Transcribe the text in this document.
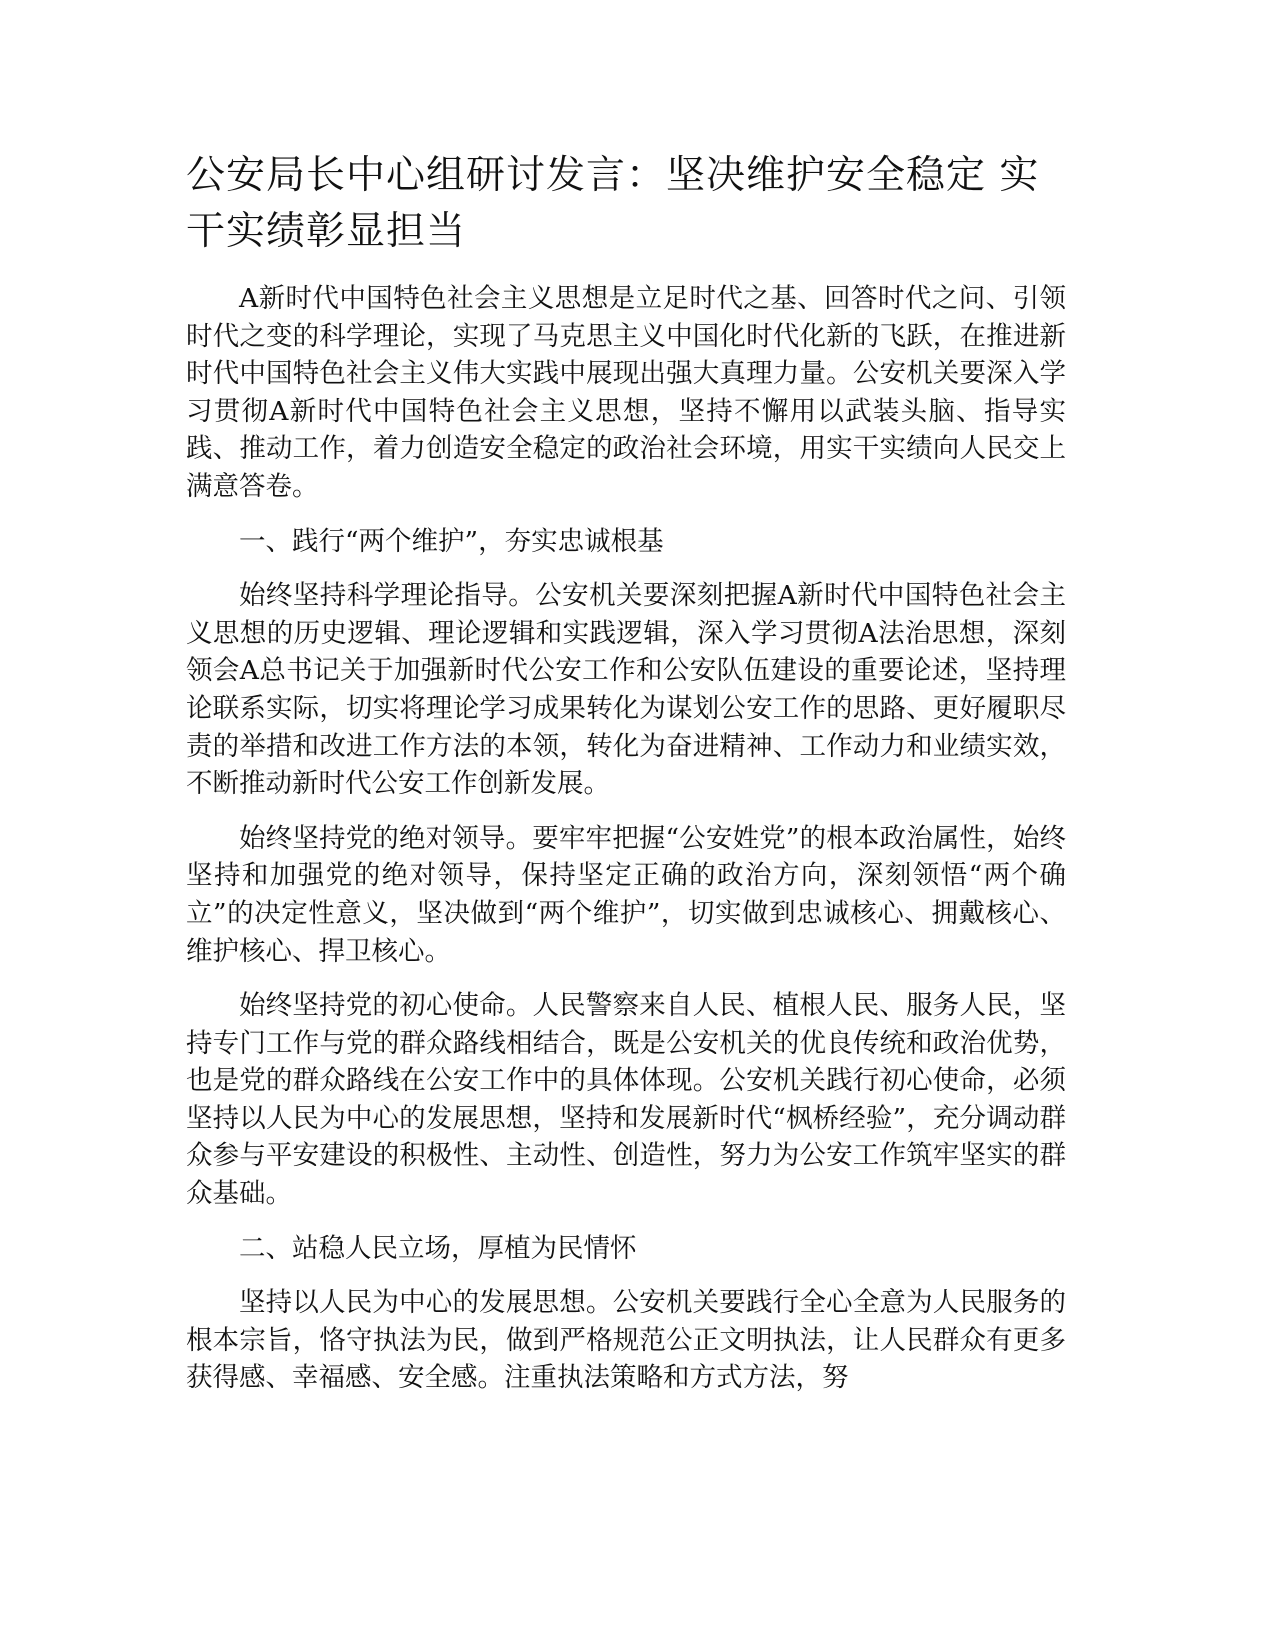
公安局长中心组研讨发言：坚决维护安全稳定 实干实绩彰显担当

A新时代中国特色社会主义思想是立足时代之基、回答时代之问、引领时代之变的科学理论，实现了马克思主义中国化时代化新的飞跃，在推进新时代中国特色社会主义伟大实践中展现出强大真理力量。公安机关要深入学习贯彻A新时代中国特色社会主义思想，坚持不懈用以武装头脑、指导实践、推动工作，着力创造安全稳定的政治社会环境，用实干实绩向人民交上满意答卷。

一、践行“两个维护”，夯实忠诚根基

始终坚持科学理论指导。公安机关要深刻把握A新时代中国特色社会主义思想的历史逻辑、理论逻辑和实践逻辑，深入学习贯彻A法治思想，深刻领会A总书记关于加强新时代公安工作和公安队伍建设的重要论述，坚持理论联系实际，切实将理论学习成果转化为谋划公安工作的思路、更好履职尽责的举措和改进工作方法的本领，转化为奋进精神、工作动力和业绩实效，不断推动新时代公安工作创新发展。

始终坚持党的绝对领导。要牢牢把握“公安姓党”的根本政治属性，始终坚持和加强党的绝对领导，保持坚定正确的政治方向，深刻领悟“两个确立”的决定性意义，坚决做到“两个维护”，切实做到忠诚核心、拥戴核心、维护核心、捍卫核心。

始终坚持党的初心使命。人民警察来自人民、植根人民、服务人民，坚持专门工作与党的群众路线相结合，既是公安机关的优良传统和政治优势，也是党的群众路线在公安工作中的具体体现。公安机关践行初心使命，必须坚持以人民为中心的发展思想，坚持和发展新时代“枫桥经验”，充分调动群众参与平安建设的积极性、主动性、创造性，努力为公安工作筑牢坚实的群众基础。

二、站稳人民立场，厚植为民情怀

坚持以人民为中心的发展思想。公安机关要践行全心全意为人民服务的根本宗旨，恪守执法为民，做到严格规范公正文明执法，让人民群众有更多获得感、幸福感、安全感。注重执法策略和方式方法，努
